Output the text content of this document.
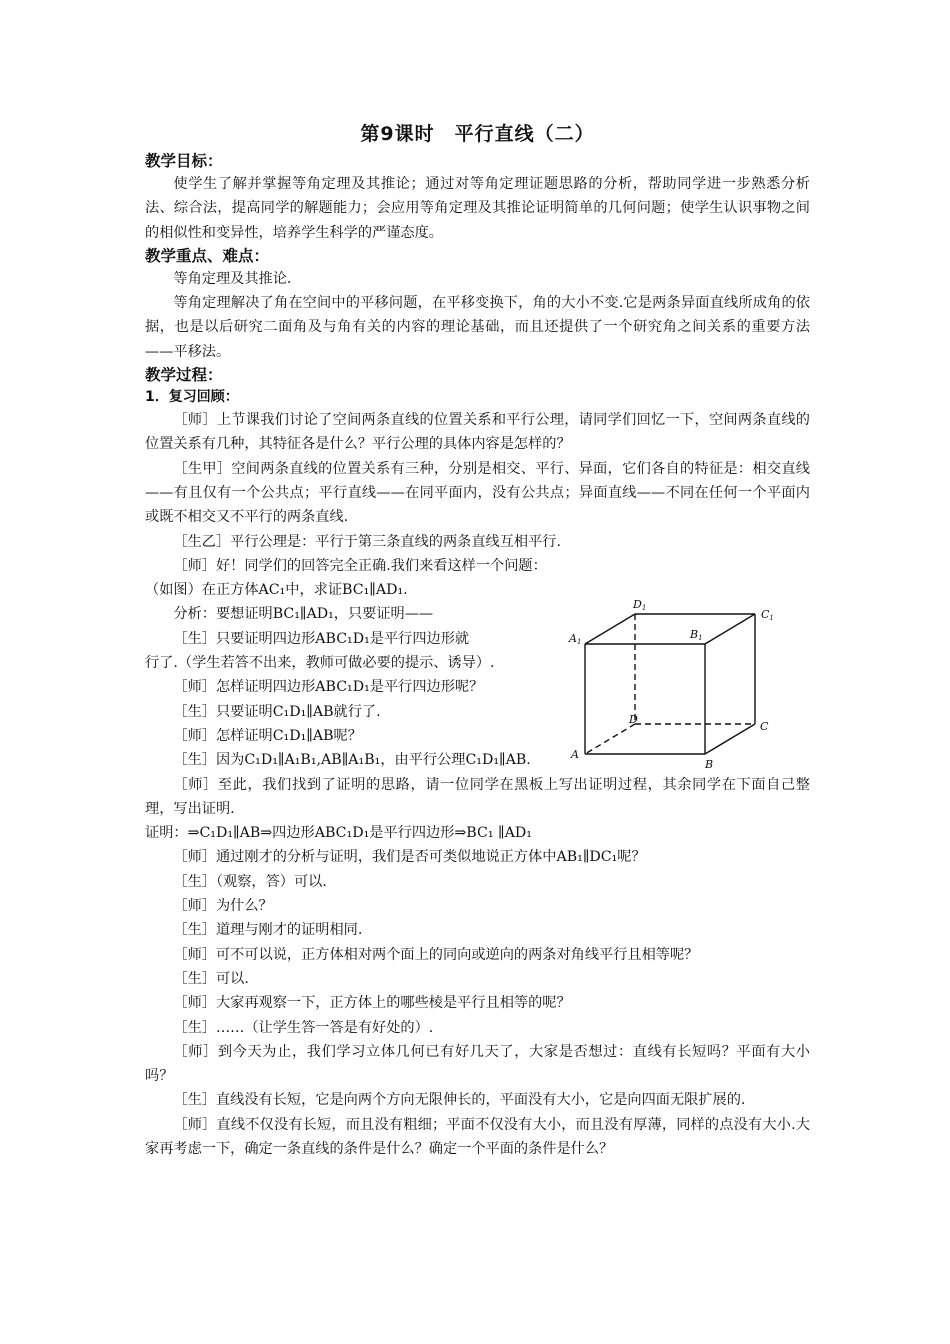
第9课时　平行直线（二）
教学目标：
使学生了解并掌握等角定理及其推论；通过对等角定理证题思路的分析，帮助同学进一步熟悉分析法、综合法，提高同学的解题能力；会应用等角定理及其推论证明简单的几何问题；使学生认识事物之间的相似性和变异性，培养学生科学的严谨态度。
教学重点、难点：
等角定理及其推论.
等角定理解决了角在空间中的平移问题，在平移变换下，角的大小不变.它是两条异面直线所成角的依据，也是以后研究二面角及与角有关的内容的理论基础，而且还提供了一个研究角之间关系的重要方法——平移法。
教学过程：
1．复习回顾：
［师］上节课我们讨论了空间两条直线的位置关系和平行公理，请同学们回忆一下，空间两条直线的位置关系有几种，其特征各是什么？平行公理的具体内容是怎样的？
［生甲］空间两条直线的位置关系有三种，分别是相交、平行、异面，它们各自的特征是：相交直线——有且仅有一个公共点；平行直线——在同平面内，没有公共点；异面直线——不同在任何一个平面内或既不相交又不平行的两条直线.
［生乙］平行公理是：平行于第三条直线的两条直线互相平行.
［师］好！同学们的回答完全正确.我们来看这样一个问题：
（如图）在正方体AC₁中，求证BC₁∥AD₁.
分析：要想证明BC₁∥AD₁，只要证明——
［生］只要证明四边形ABC₁D₁是平行四边形就
行了.（学生若答不出来，教师可做必要的提示、诱导）.
［师］怎样证明四边形ABC₁D₁是平行四边形呢？
［生］只要证明C₁D₁∥AB就行了.
［师］怎样证明C₁D₁∥AB呢？
［生］因为C₁D₁∥A₁B₁,AB∥A₁B₁，由平行公理C₁D₁∥AB.
［师］至此，我们找到了证明的思路，请一位同学在黑板上写出证明过程，其余同学在下面自己整理，写出证明.
证明：⇒C₁D₁∥AB⇒四边形ABC₁D₁是平行四边形⇒BC₁ ∥AD₁
［师］通过刚才的分析与证明，我们是否可类似地说正方体中AB₁∥DC₁呢？
［生］（观察，答）可以.
［师］为什么？
［生］道理与刚才的证明相同.
［师］可不可以说，正方体相对两个面上的同向或逆向的两条对角线平行且相等呢？
［生］可以.
［师］大家再观察一下，正方体上的哪些棱是平行且相等的呢？
［生］……（让学生答一答是有好处的）.
［师］到今天为止，我们学习立体几何已有好几天了，大家是否想过：直线有长短吗？平面有大小吗？
［生］直线没有长短，它是向两个方向无限伸长的，平面没有大小，它是向四面无限扩展的.
［师］直线不仅没有长短，而且没有粗细；平面不仅没有大小，而且没有厚薄，同样的点没有大小.大家再考虑一下，确定一条直线的条件是什么？确定一个平面的条件是什么？
D1	C1
A1
B1
D
C
A
B
